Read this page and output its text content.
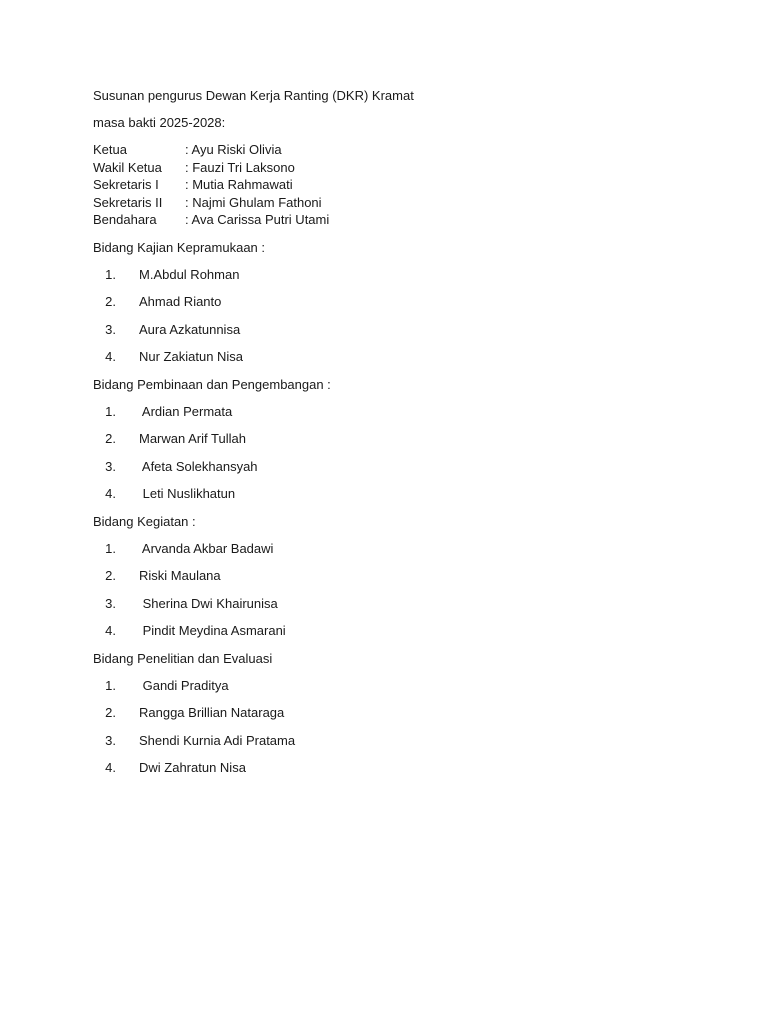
Susunan pengurus Dewan Kerja Ranting (DKR) Kramat
masa bakti 2025-2028:
Ketua	: Ayu Riski Olivia
Wakil Ketua	: Fauzi Tri Laksono
Sekretaris I	: Mutia Rahmawati
Sekretaris II	: Najmi Ghulam Fathoni
Bendahara	: Ava Carissa Putri Utami
Bidang Kajian Kepramukaan :
1.	M.Abdul Rohman
2.	Ahmad Rianto
3.	Aura Azkatunnisa
4.	Nur Zakiatun Nisa
Bidang Pembinaan dan Pengembangan :
1.	Ardian Permata
2.	Marwan Arif Tullah
3.	Afeta Solekhansyah
4.	Leti Nuslikhatun
Bidang Kegiatan :
1.	Arvanda Akbar Badawi
2.	Riski Maulana
3.	Sherina Dwi Khairunisa
4.	Pindit Meydina Asmarani
Bidang Penelitian dan Evaluasi
1.	Gandi Praditya
2.	Rangga Brillian Nataraga
3.	Shendi Kurnia Adi Pratama
4.	Dwi Zahratun Nisa
